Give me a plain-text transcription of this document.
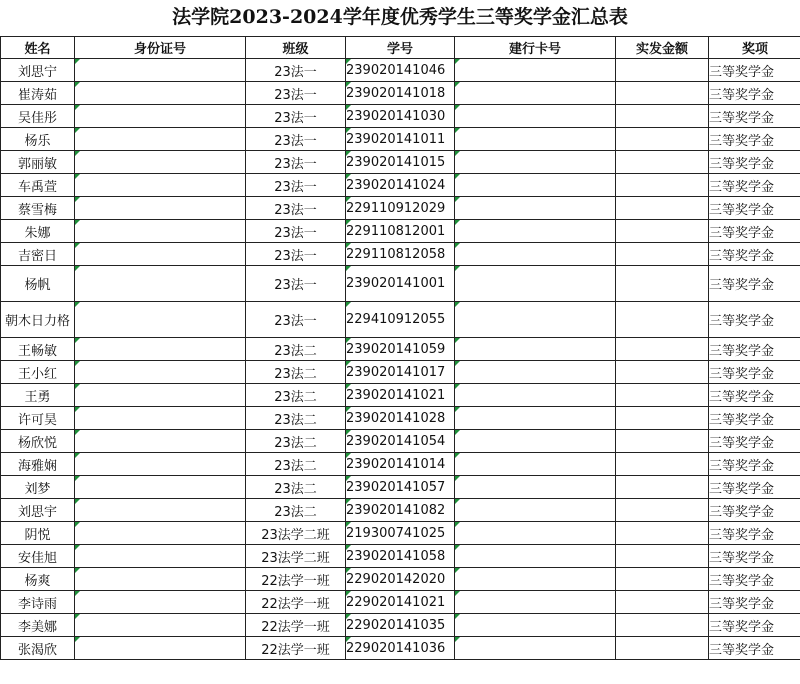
法学院2023-2024学年度优秀学生三等奖学金汇总表
姓名	身份证号	班级	学号	建行卡号	实发金额	奖项
刘思宁		23法一	239020141046			三等奖学金
崔涛茹		23法一	239020141018			三等奖学金
吴佳彤		23法一	239020141030			三等奖学金
杨乐		23法一	239020141011			三等奖学金
郭丽敏		23法一	239020141015			三等奖学金
车禹萱		23法一	239020141024			三等奖学金
蔡雪梅		23法一	229110912029			三等奖学金
朱娜		23法一	229110812001			三等奖学金
吉密日		23法一	229110812058			三等奖学金
杨帆		23法一	239020141001			三等奖学金
朝木日力格		23法一	229410912055			三等奖学金
王畅敏		23法二	239020141059			三等奖学金
王小红		23法二	239020141017			三等奖学金
王勇		23法二	239020141021			三等奖学金
许可昊		23法二	239020141028			三等奖学金
杨欣悦		23法二	239020141054			三等奖学金
海雅娴		23法二	239020141014			三等奖学金
刘梦		23法二	239020141057			三等奖学金
刘思宇		23法二	239020141082			三等奖学金
阴悦		23法学二班	219300741025			三等奖学金
安佳旭		23法学二班	239020141058			三等奖学金
杨爽		22法学一班	229020142020			三等奖学金
李诗雨		22法学一班	229020141021			三等奖学金
李美娜		22法学一班	229020141035			三等奖学金
张渴欣		22法学一班	229020141036			三等奖学金
